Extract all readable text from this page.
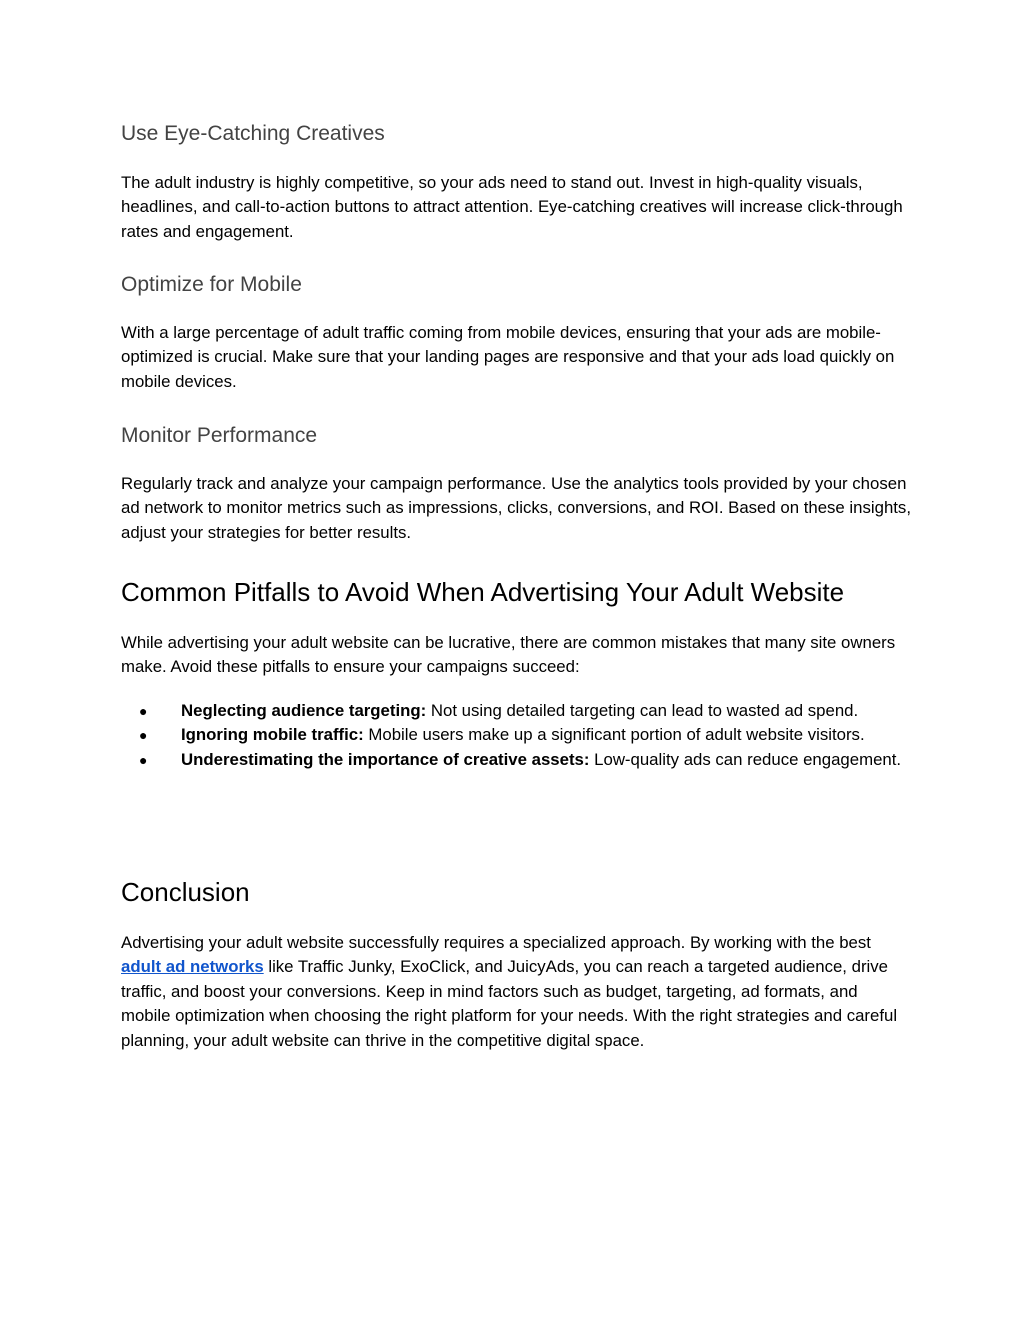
Use Eye-Catching Creatives

The adult industry is highly competitive, so your ads need to stand out. Invest in high-quality visuals, headlines, and call-to-action buttons to attract attention. Eye-catching creatives will increase click-through rates and engagement.

Optimize for Mobile

With a large percentage of adult traffic coming from mobile devices, ensuring that your ads are mobile-optimized is crucial. Make sure that your landing pages are responsive and that your ads load quickly on mobile devices.

Monitor Performance

Regularly track and analyze your campaign performance. Use the analytics tools provided by your chosen ad network to monitor metrics such as impressions, clicks, conversions, and ROI. Based on these insights, adjust your strategies for better results.

Common Pitfalls to Avoid When Advertising Your Adult Website

While advertising your adult website can be lucrative, there are common mistakes that many site owners make. Avoid these pitfalls to ensure your campaigns succeed:

● Neglecting audience targeting: Not using detailed targeting can lead to wasted ad spend.
● Ignoring mobile traffic: Mobile users make up a significant portion of adult website visitors.
● Underestimating the importance of creative assets: Low-quality ads can reduce engagement.
Conclusion

Advertising your adult website successfully requires a specialized approach. By working with the best adult ad networks like Traffic Junky, ExoClick, and JuicyAds, you can reach a targeted audience, drive traffic, and boost your conversions. Keep in mind factors such as budget, targeting, ad formats, and mobile optimization when choosing the right platform for your needs. With the right strategies and careful planning, your adult website can thrive in the competitive digital space.
